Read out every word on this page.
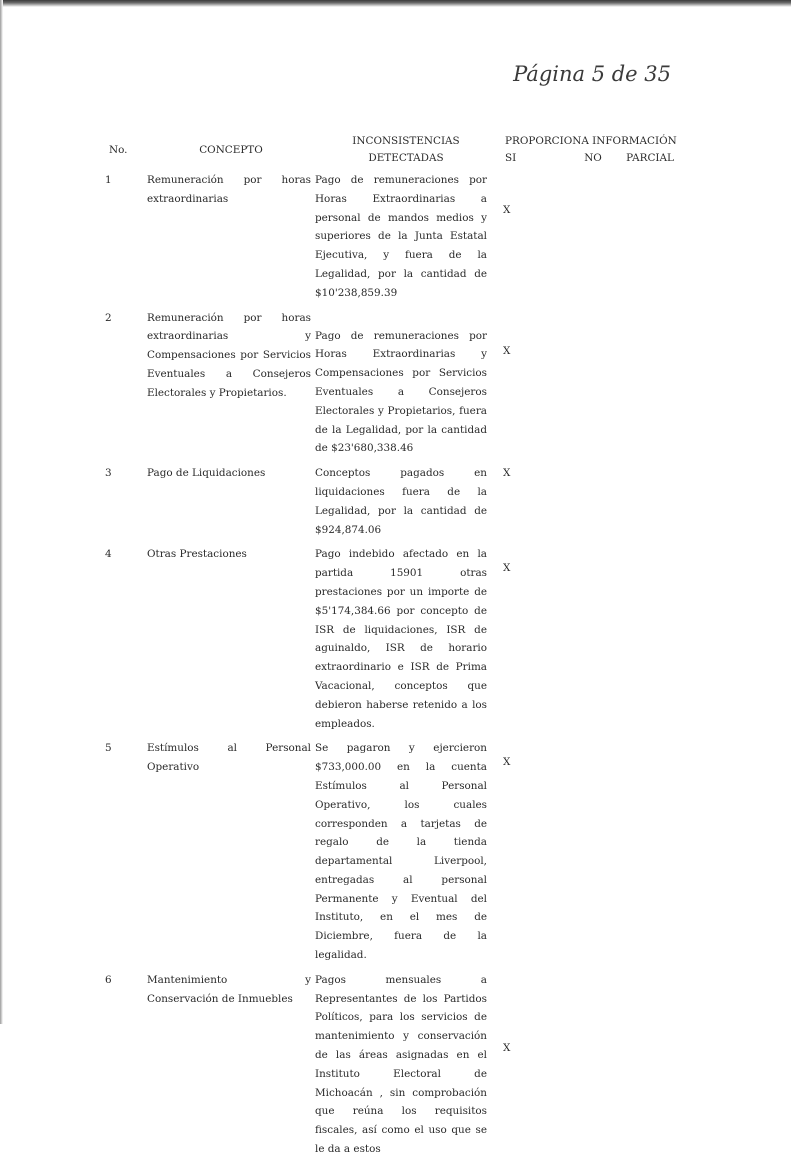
Página 5 de 35
No.	CONCEPTO	INCONSISTENCIAS DETECTADAS	PROPORCIONA INFORMACIÓN		
			SI	NO	PARCIAL
1	Remuneración por horas extraordinarias	Pago de remuneraciones por Horas Extraordinarias a personal de mandos medios y superiores de la Junta Estatal Ejecutiva, y fuera de la Legalidad, por la cantidad de $10'238,859.39	X		

2	Remuneración por horas extraordinarias y Compensaciones por Servicios Eventuales a Consejeros Electorales y Propietarios.	Pago de remuneraciones por Horas Extraordinarias y Compensaciones por Servicios Eventuales a Consejeros Electorales y Propietarios, fuera de la Legalidad, por la cantidad de $23'680,338.46	X		

3	Pago de Liquidaciones	Conceptos pagados en liquidaciones fuera de la Legalidad, por la cantidad de $924,874.06	X		

4	Otras Prestaciones	Pago indebido afectado en la partida 15901 otras prestaciones por un importe de $5'174,384.66 por concepto de ISR de liquidaciones, ISR de aguinaldo, ISR de horario extraordinario e ISR de Prima Vacacional, conceptos que debieron haberse retenido a los empleados.	X		

5	Estímulos al Personal Operativo	Se pagaron y ejercieron $733,000.00 en la cuenta Estímulos al Personal Operativo, los cuales corresponden a tarjetas de regalo de la tienda departamental Liverpool, entregadas al personal Permanente y Eventual del Instituto, en el mes de Diciembre, fuera de la legalidad.	X		

6	Mantenimiento y Conservación de Inmuebles	Pagos mensuales a Representantes de los Partidos Políticos, para los servicios de mantenimiento y conservación de las áreas asignadas en el Instituto Electoral de Michoacán , sin comprobación que reúna los requisitos fiscales, así como el uso que se le da a estos	X		
